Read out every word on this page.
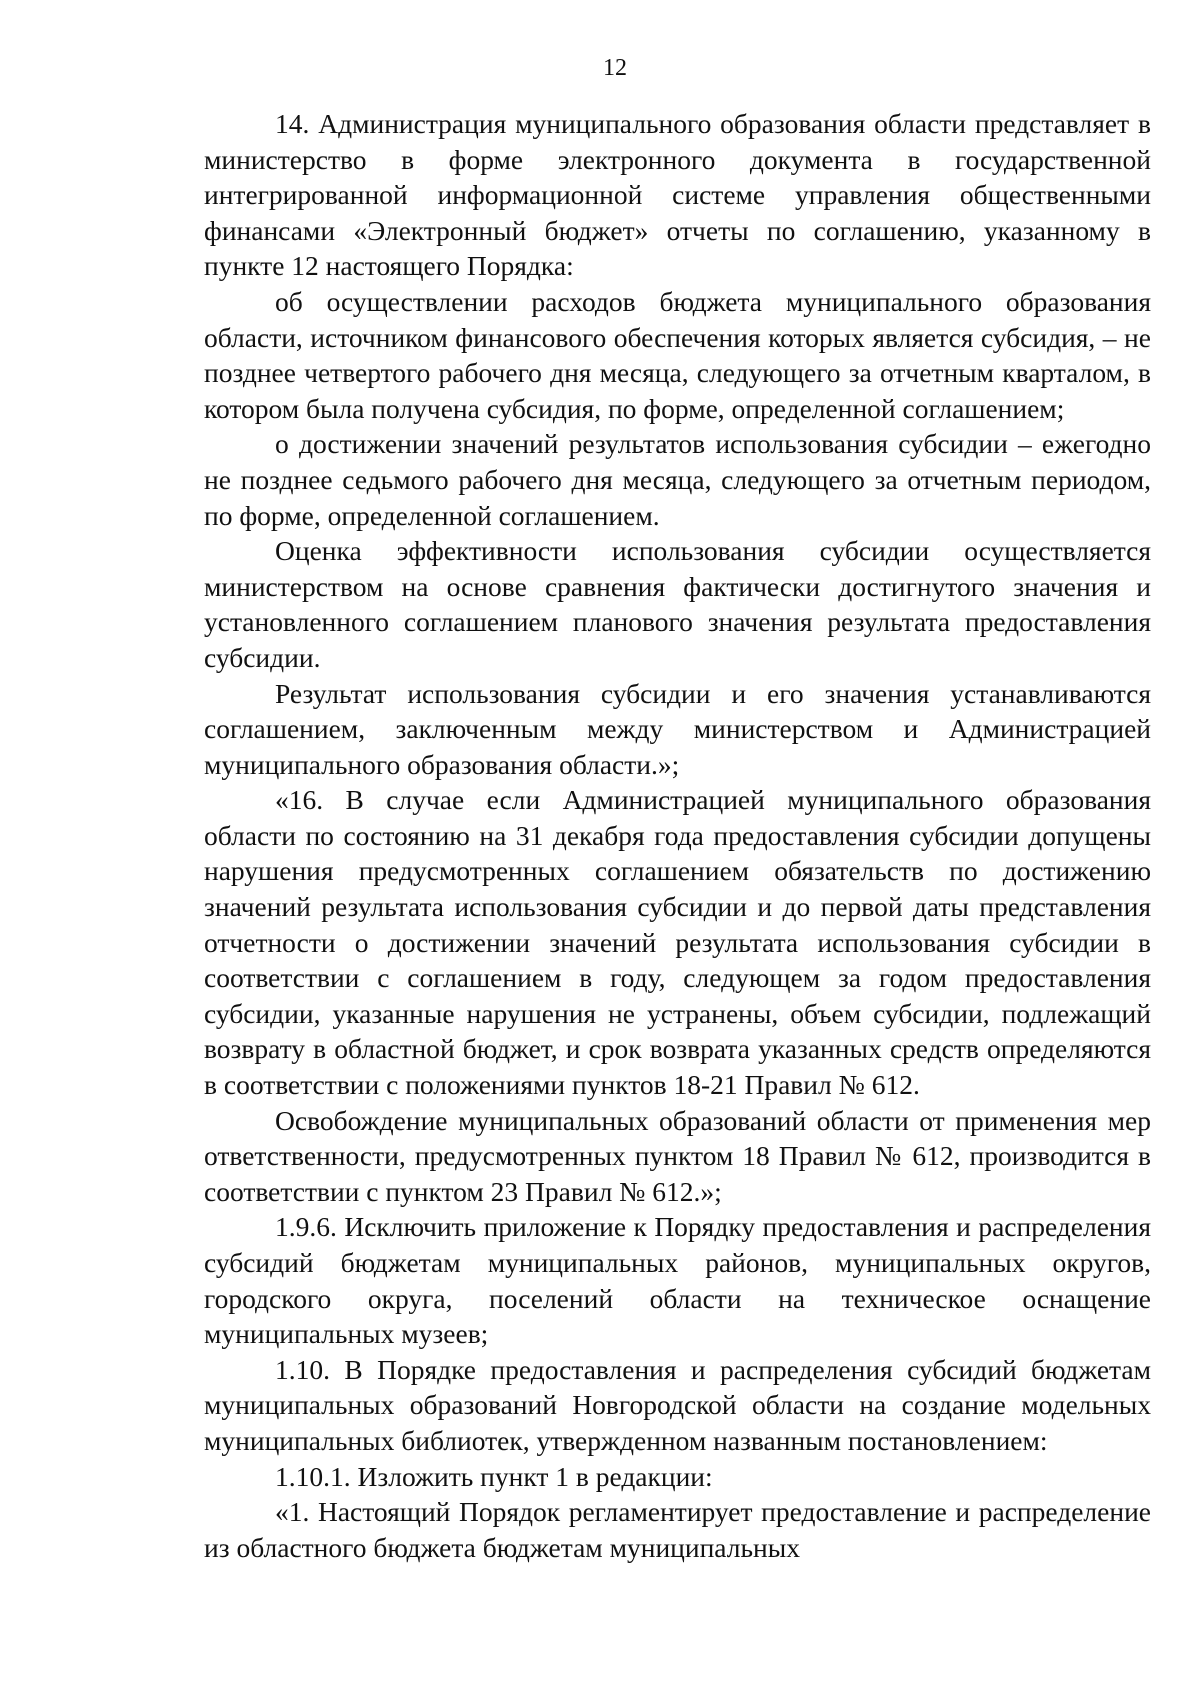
12

14. Администрация муниципального образования области представляет в министерство в форме электронного документа в государственной интегрированной информационной системе управления общественными финансами «Электронный бюджет» отчеты по соглашению, указанному в пункте 12 настоящего Порядка:

об осуществлении расходов бюджета муниципального образования области, источником финансового обеспечения которых является субсидия, – не позднее четвертого рабочего дня месяца, следующего за отчетным кварталом, в котором была получена субсидия, по форме, определенной соглашением;

о достижении значений результатов использования субсидии – ежегодно не позднее седьмого рабочего дня месяца, следующего за отчетным периодом, по форме, определенной соглашением.

Оценка эффективности использования субсидии осуществляется министерством на основе сравнения фактически достигнутого значения и установленного соглашением планового значения результата предоставления субсидии.

Результат использования субсидии и его значения устанавливаются соглашением, заключенным между министерством и Администрацией муниципального образования области.»;

«16. В случае если Администрацией муниципального образования области по состоянию на 31 декабря года предоставления субсидии допущены нарушения предусмотренных соглашением обязательств по достижению значений результата использования субсидии и до первой даты представления отчетности о достижении значений результата использования субсидии в соответствии с соглашением в году, следующем за годом предоставления субсидии, указанные нарушения не устранены, объем субсидии, подлежащий возврату в областной бюджет, и срок возврата указанных средств определяются в соответствии с положениями пунктов 18-21 Правил № 612.

Освобождение муниципальных образований области от применения мер ответственности, предусмотренных пунктом 18 Правил № 612, производится в соответствии с пунктом 23 Правил № 612.»;

1.9.6. Исключить приложение к Порядку предоставления и распределения субсидий бюджетам муниципальных районов, муниципальных округов, городского округа, поселений области на техническое оснащение муниципальных музеев;

1.10. В Порядке предоставления и распределения субсидий бюджетам муниципальных образований Новгородской области на создание модельных муниципальных библиотек, утвержденном названным постановлением:

1.10.1. Изложить пункт 1 в редакции:

«1. Настоящий Порядок регламентирует предоставление и распределение из областного бюджета бюджетам муниципальных
